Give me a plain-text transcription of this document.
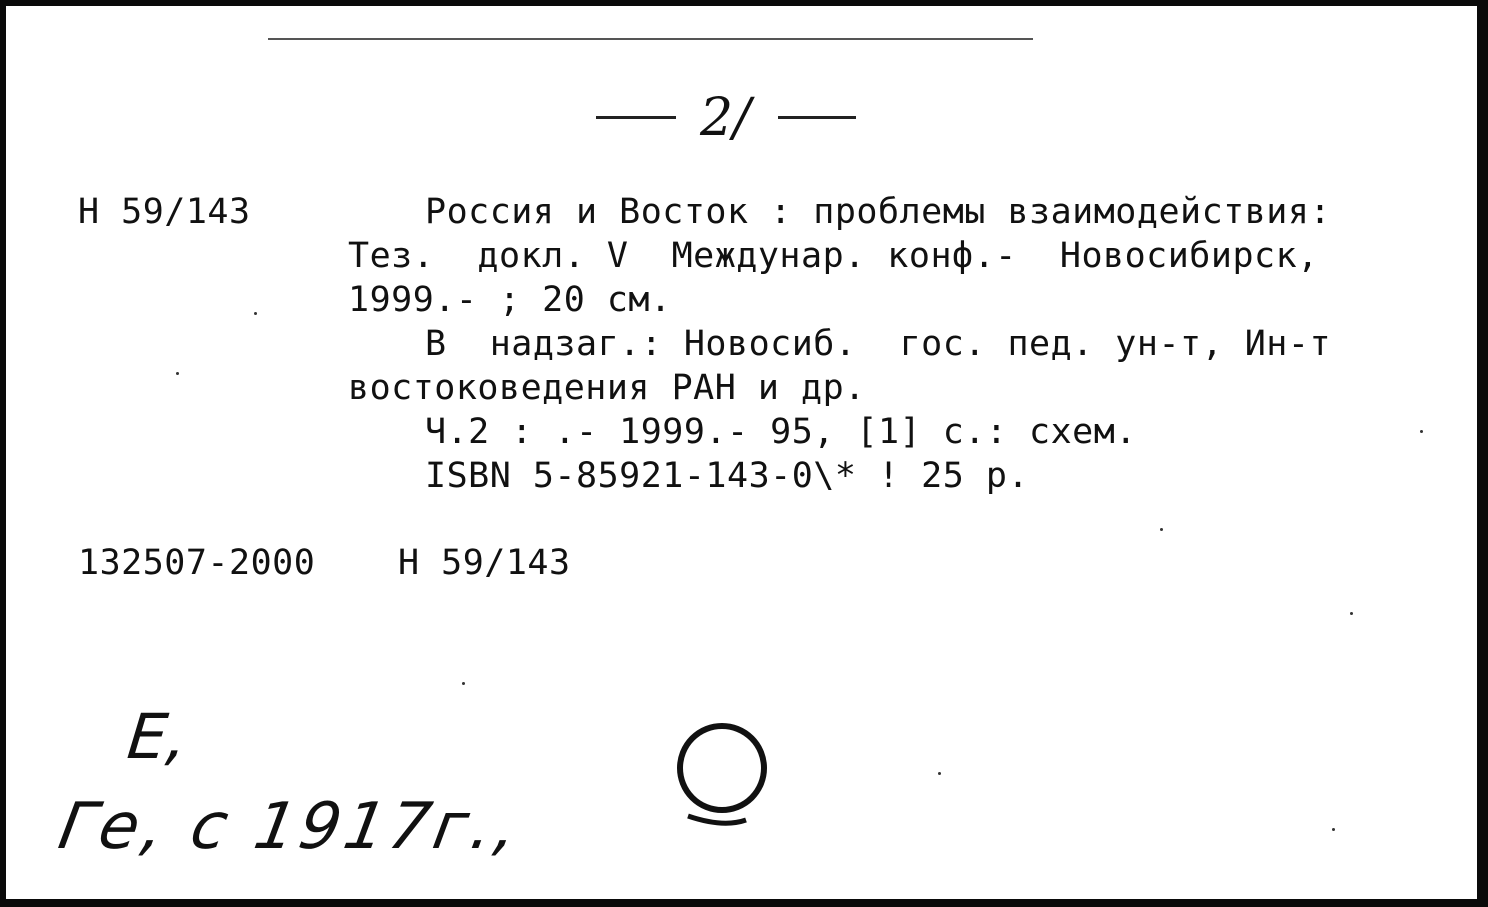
2/
Н 59/143	Россия и Восток : проблемы взаимодействия:
Тез.  докл. V  Междунар. конф.-  Новосибирск,
1999.- ; 20 см.
В  надзаг.: Новосиб.  гос. пед. ун-т, Ин-т
востоковедения РАН и др.
Ч.2 : .- 1999.- 95, [1] с.: схем.
ISBN 5-85921-143-0\* ! 25 р.
132507-2000 Н 59/143
Е,
Ге, с 1917г.,
